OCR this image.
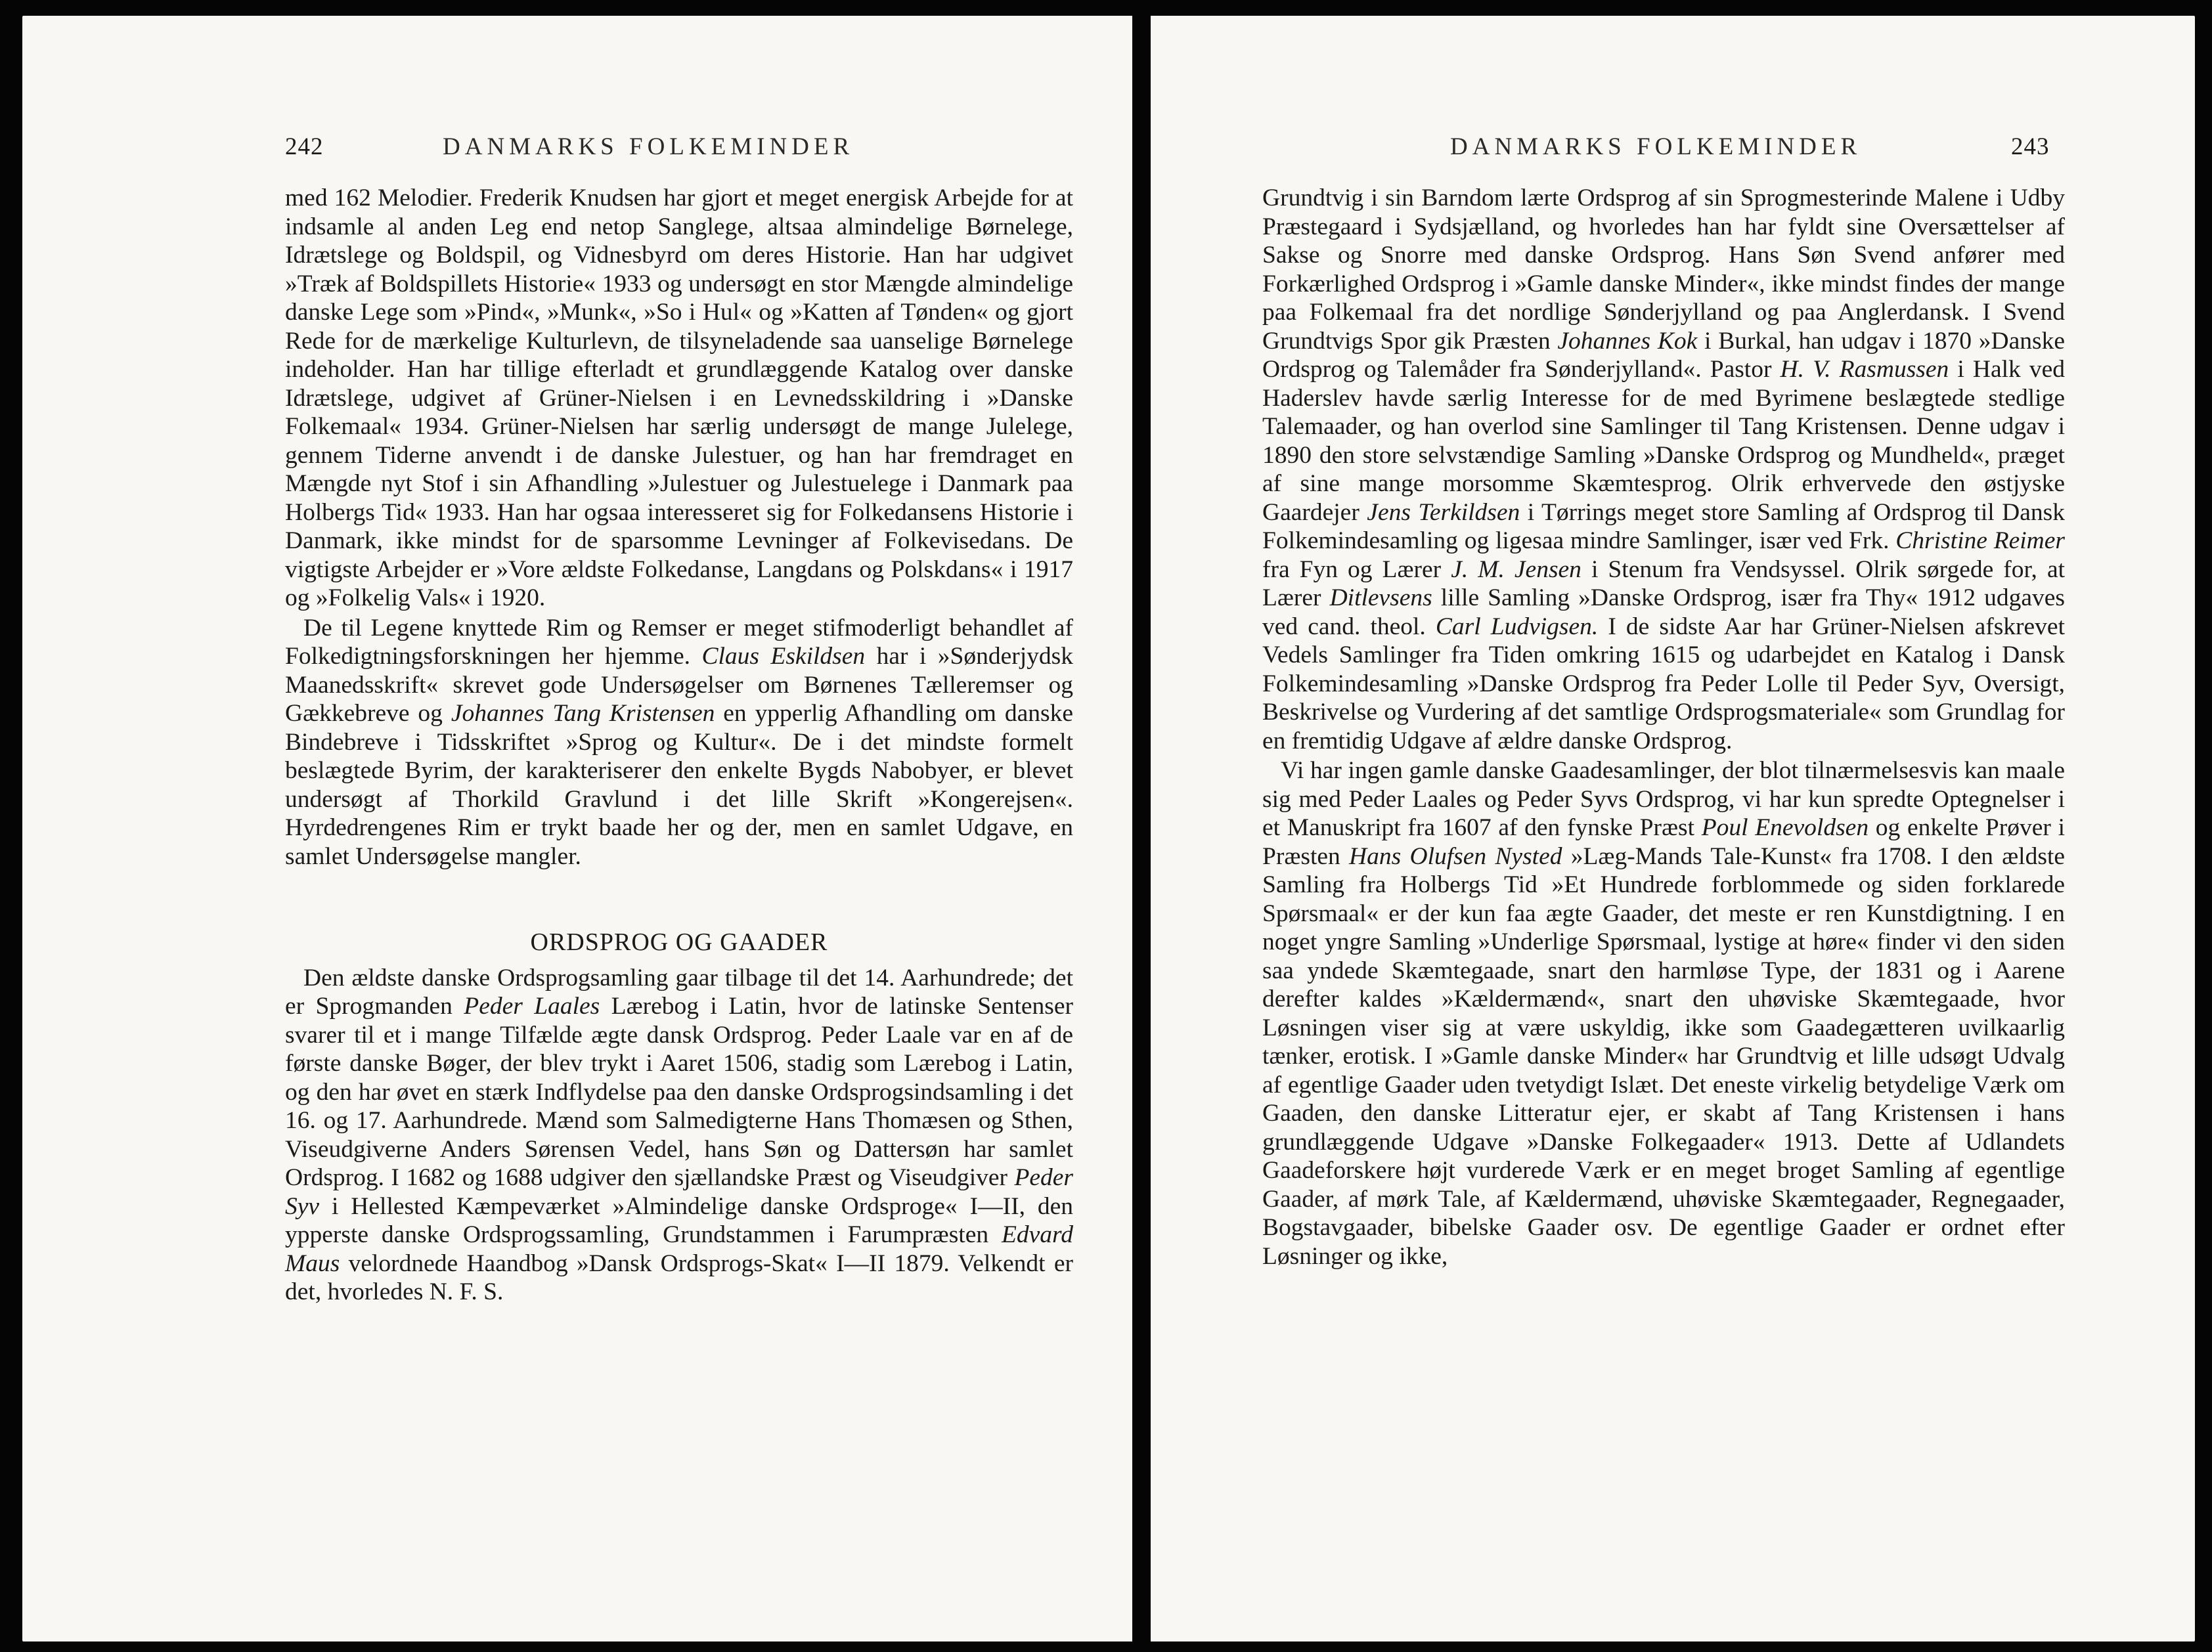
242	DANMARKS FOLKEMINDER

med 162 Melodier. Frederik Knudsen har gjort et meget energisk Arbejde for at indsamle al anden Leg end netop Sanglege, altsaa almindelige Børnelege, Idrætslege og Boldspil, og Vidnesbyrd om deres Historie. Han har udgivet »Træk af Boldspillets Historie« 1933 og undersøgt en stor Mængde almindelige danske Lege som »Pind«, »Munk«, »So i Hul« og »Katten af Tønden« og gjort Rede for de mærkelige Kulturlevn, de tilsyneladende saa uanselige Børnelege indeholder. Han har tillige efterladt et grundlæggende Katalog over danske Idrætslege, udgivet af Grüner-Nielsen i en Levnedsskildring i »Danske Folkemaal« 1934. Grüner-Nielsen har særlig undersøgt de mange Julelege, gennem Tiderne anvendt i de danske Julestuer, og han har fremdraget en Mængde nyt Stof i sin Afhandling »Julestuer og Julestuelege i Danmark paa Holbergs Tid« 1933. Han har ogsaa interesseret sig for Folkedansens Historie i Danmark, ikke mindst for de sparsomme Levninger af Folkevisedans. De vigtigste Arbejder er »Vore ældste Folkedanse, Langdans og Polskdans« i 1917 og »Folkelig Vals« i 1920.

De til Legene knyttede Rim og Remser er meget stifmoderligt behandlet af Folkedigtningsforskningen her hjemme. Claus Eskildsen har i »Sønderjydsk Maanedsskrift« skrevet gode Undersøgelser om Børnenes Tælleremser og Gækkebreve og Johannes Tang Kristensen en ypperlig Afhandling om danske Bindebreve i Tidsskriftet »Sprog og Kultur«. De i det mindste formelt beslægtede Byrim, der karakteriserer den enkelte Bygds Nabobyer, er blevet undersøgt af Thorkild Gravlund i det lille Skrift »Kongerejsen«. Hyrdedrengenes Rim er trykt baade her og der, men en samlet Udgave, en samlet Undersøgelse mangler.

ORDSPROG OG GAADER

Den ældste danske Ordsprogsamling gaar tilbage til det 14. Aarhundrede; det er Sprogmanden Peder Laales Lærebog i Latin, hvor de latinske Sentenser svarer til et i mange Tilfælde ægte dansk Ordsprog. Peder Laale var en af de første danske Bøger, der blev trykt i Aaret 1506, stadig som Lærebog i Latin, og den har øvet en stærk Indflydelse paa den danske Ordsprogsindsamling i det 16. og 17. Aarhundrede. Mænd som Salmedigterne Hans Thomæsen og Sthen, Viseudgiverne Anders Sørensen Vedel, hans Søn og Dattersøn har samlet Ordsprog. I 1682 og 1688 udgiver den sjællandske Præst og Viseudgiver Peder Syv i Hellested Kæmpeværket »Almindelige danske Ordsproge« I—II, den ypperste danske Ordsprogssamling, Grundstammen i Farumpræsten Edvard Maus velordnede Haandbog »Dansk Ordsprogs-Skat« I—II 1879. Velkendt er det, hvorledes N. F. S.

DANMARKS FOLKEMINDER	243

Grundtvig i sin Barndom lærte Ordsprog af sin Sprogmesterinde Malene i Udby Præstegaard i Sydsjælland, og hvorledes han har fyldt sine Oversættelser af Sakse og Snorre med danske Ordsprog. Hans Søn Svend anfører med Forkærlighed Ordsprog i »Gamle danske Minder«, ikke mindst findes der mange paa Folkemaal fra det nordlige Sønderjylland og paa Anglerdansk. I Svend Grundtvigs Spor gik Præsten Johannes Kok i Burkal, han udgav i 1870 »Danske Ordsprog og Talemåder fra Sønderjylland«. Pastor H. V. Rasmussen i Halk ved Haderslev havde særlig Interesse for de med Byrimene beslægtede stedlige Talemaader, og han overlod sine Samlinger til Tang Kristensen. Denne udgav i 1890 den store selvstændige Samling »Danske Ordsprog og Mundheld«, præget af sine mange morsomme Skæmtesprog. Olrik erhvervede den østjyske Gaardejer Jens Terkildsen i Tørrings meget store Samling af Ordsprog til Dansk Folkemindesamling og ligesaa mindre Samlinger, især ved Frk. Christine Reimer fra Fyn og Lærer J. M. Jensen i Stenum fra Vendsyssel. Olrik sørgede for, at Lærer Ditlevsens lille Samling »Danske Ordsprog, især fra Thy« 1912 udgaves ved cand. theol. Carl Ludvigsen. I de sidste Aar har Grüner-Nielsen afskrevet Vedels Samlinger fra Tiden omkring 1615 og udarbejdet en Katalog i Dansk Folkemindesamling »Danske Ordsprog fra Peder Lolle til Peder Syv, Oversigt, Beskrivelse og Vurdering af det samtlige Ordsprogsmateriale« som Grundlag for en fremtidig Udgave af ældre danske Ordsprog.

Vi har ingen gamle danske Gaadesamlinger, der blot tilnærmelsesvis kan maale sig med Peder Laales og Peder Syvs Ordsprog, vi har kun spredte Optegnelser i et Manuskript fra 1607 af den fynske Præst Poul Enevoldsen og enkelte Prøver i Præsten Hans Olufsen Nysted »Læg-Mands Tale-Kunst« fra 1708. I den ældste Samling fra Holbergs Tid »Et Hundrede forblommede og siden forklarede Spørsmaal« er der kun faa ægte Gaader, det meste er ren Kunstdigtning. I en noget yngre Samling »Underlige Spørsmaal, lystige at høre« finder vi den siden saa yndede Skæmtegaade, snart den harmløse Type, der 1831 og i Aarene derefter kaldes »Kældermænd«, snart den uhøviske Skæmtegaade, hvor Løsningen viser sig at være uskyldig, ikke som Gaadegætteren uvilkaarlig tænker, erotisk. I »Gamle danske Minder« har Grundtvig et lille udsøgt Udvalg af egentlige Gaader uden tvetydigt Islæt. Det eneste virkelig betydelige Værk om Gaaden, den danske Litteratur ejer, er skabt af Tang Kristensen i hans grundlæggende Udgave »Danske Folkegaader« 1913. Dette af Udlandets Gaadeforskere højt vurderede Værk er en meget broget Samling af egentlige Gaader, af mørk Tale, af Kældermænd, uhøviske Skæmtegaader, Regnegaader, Bogstavgaader, bibelske Gaader osv. De egentlige Gaader er ordnet efter Løsninger og ikke,
